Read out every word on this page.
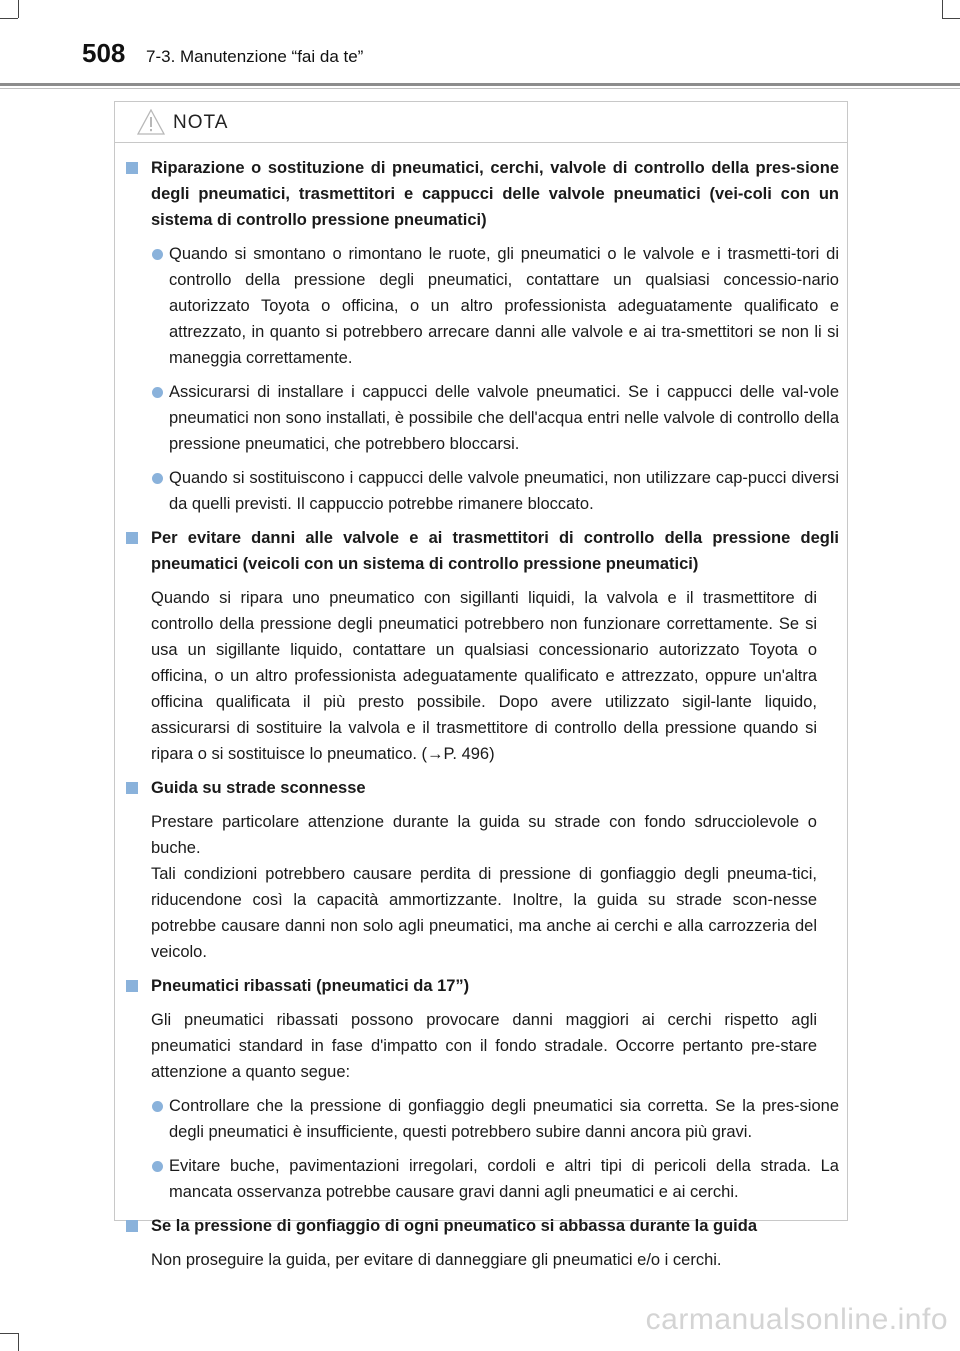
508 7-3. Manutenzione “fai da te”
NOTA
Riparazione o sostituzione di pneumatici, cerchi, valvole di controllo della pres-sione degli pneumatici, trasmettitori e cappucci delle valvole pneumatici (vei-coli con un sistema di controllo pressione pneumatici)
Quando si smontano o rimontano le ruote, gli pneumatici o le valvole e i trasmetti-tori di controllo della pressione degli pneumatici, contattare un qualsiasi concessio-nario autorizzato Toyota o officina, o un altro professionista adeguatamente qualificato e attrezzato, in quanto si potrebbero arrecare danni alle valvole e ai tra-smettitori se non li si maneggia correttamente.
Assicurarsi di installare i cappucci delle valvole pneumatici. Se i cappucci delle val-vole pneumatici non sono installati, è possibile che dell'acqua entri nelle valvole di controllo della pressione pneumatici, che potrebbero bloccarsi.
Quando si sostituiscono i cappucci delle valvole pneumatici, non utilizzare cap-pucci diversi da quelli previsti. Il cappuccio potrebbe rimanere bloccato.
Per evitare danni alle valvole e ai trasmettitori di controllo della pressione degli pneumatici (veicoli con un sistema di controllo pressione pneumatici)
Quando si ripara uno pneumatico con sigillanti liquidi, la valvola e il trasmettitore di controllo della pressione degli pneumatici potrebbero non funzionare correttamente. Se si usa un sigillante liquido, contattare un qualsiasi concessionario autorizzato Toyota o officina, o un altro professionista adeguatamente qualificato e attrezzato, oppure un'altra officina qualificata il più presto possibile. Dopo avere utilizzato sigil-lante liquido, assicurarsi di sostituire la valvola e il trasmettitore di controllo della pressione quando si ripara o si sostituisce lo pneumatico. (→P. 496)
Guida su strade sconnesse
Prestare particolare attenzione durante la guida su strade con fondo sdrucciolevole o buche.
Tali condizioni potrebbero causare perdita di pressione di gonfiaggio degli pneuma-tici, riducendone così la capacità ammortizzante. Inoltre, la guida su strade scon-nesse potrebbe causare danni non solo agli pneumatici, ma anche ai cerchi e alla carrozzeria del veicolo.
Pneumatici ribassati (pneumatici da 17”)
Gli pneumatici ribassati possono provocare danni maggiori ai cerchi rispetto agli pneumatici standard in fase d'impatto con il fondo stradale. Occorre pertanto pre-stare attenzione a quanto segue:
Controllare che la pressione di gonfiaggio degli pneumatici sia corretta. Se la pres-sione degli pneumatici è insufficiente, questi potrebbero subire danni ancora più gravi.
Evitare buche, pavimentazioni irregolari, cordoli e altri tipi di pericoli della strada. La mancata osservanza potrebbe causare gravi danni agli pneumatici e ai cerchi.
Se la pressione di gonfiaggio di ogni pneumatico si abbassa durante la guida
Non proseguire la guida, per evitare di danneggiare gli pneumatici e/o i cerchi.
carmanualsonline.info
